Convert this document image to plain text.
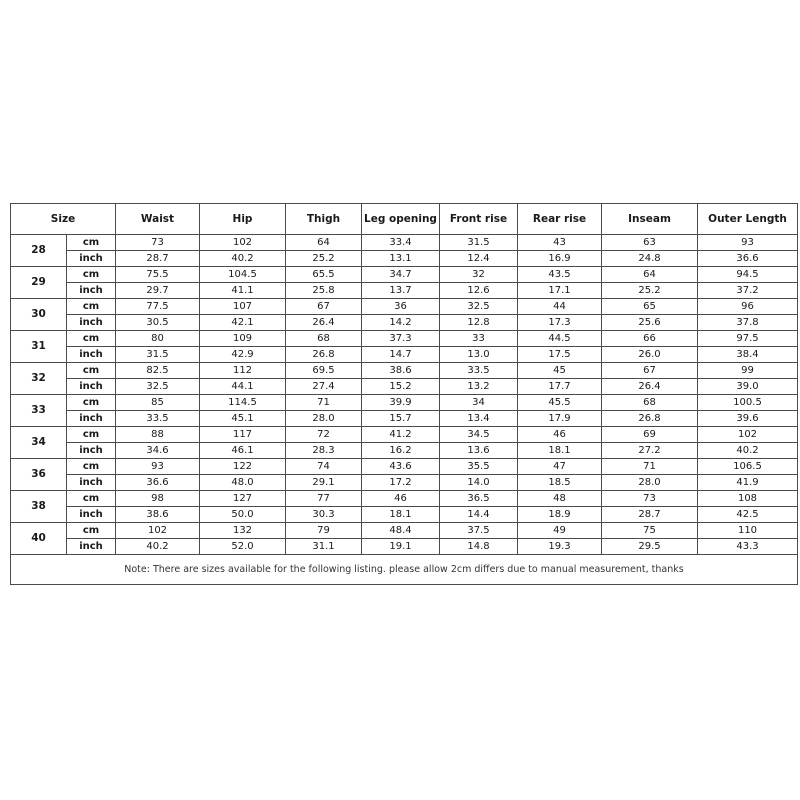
Size		Waist	Hip	Thigh	Leg opening	Front rise	Rear rise	Inseam	Outer Length
28	cm	73	102	64	33.4	31.5	43	63	93
	inch	28.7	40.2	25.2	13.1	12.4	16.9	24.8	36.6
29	cm	75.5	104.5	65.5	34.7	32	43.5	64	94.5
	inch	29.7	41.1	25.8	13.7	12.6	17.1	25.2	37.2
30	cm	77.5	107	67	36	32.5	44	65	96
	inch	30.5	42.1	26.4	14.2	12.8	17.3	25.6	37.8
31	cm	80	109	68	37.3	33	44.5	66	97.5
	inch	31.5	42.9	26.8	14.7	13.0	17.5	26.0	38.4
32	cm	82.5	112	69.5	38.6	33.5	45	67	99
	inch	32.5	44.1	27.4	15.2	13.2	17.7	26.4	39.0
33	cm	85	114.5	71	39.9	34	45.5	68	100.5
	inch	33.5	45.1	28.0	15.7	13.4	17.9	26.8	39.6
34	cm	88	117	72	41.2	34.5	46	69	102
	inch	34.6	46.1	28.3	16.2	13.6	18.1	27.2	40.2
36	cm	93	122	74	43.6	35.5	47	71	106.5
	inch	36.6	48.0	29.1	17.2	14.0	18.5	28.0	41.9
38	cm	98	127	77	46	36.5	48	73	108
	inch	38.6	50.0	30.3	18.1	14.4	18.9	28.7	42.5
40	cm	102	132	79	48.4	37.5	49	75	110
	inch	40.2	52.0	31.1	19.1	14.8	19.3	29.5	43.3
Note: There are sizes available for the following listing. please allow 2cm differs due to manual measurement, thanks									
